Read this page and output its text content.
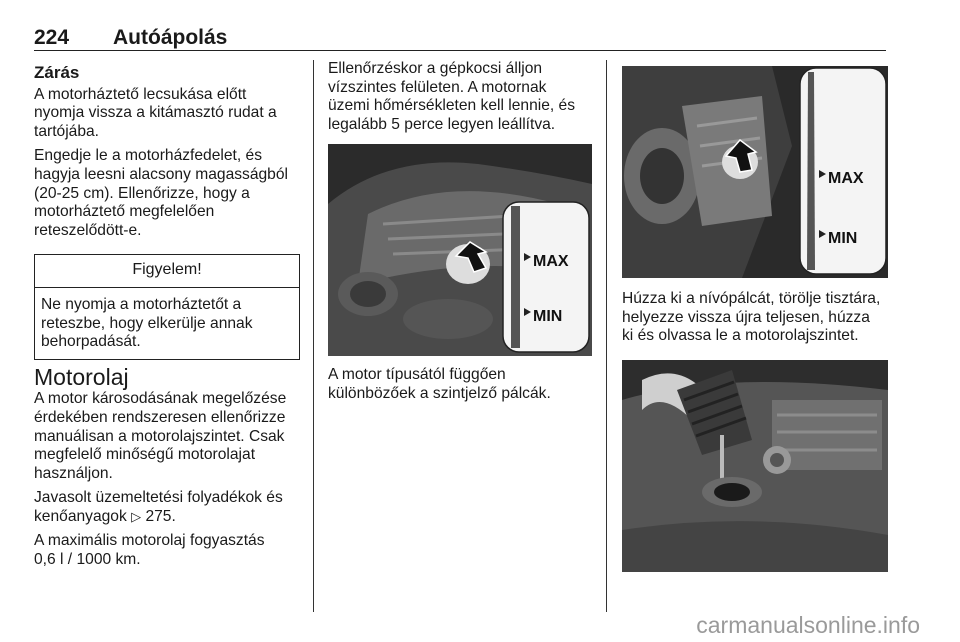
224 Autóápolás
Zárás

A motorháztető lecsukása előtt
nyomja vissza a kitámasztó rudat a
tartójába.

Engedje le a motorházfedelet, és
hagyja leesni alacsony magasságból
(20-25 cm). Ellenőrizze, hogy a
motorháztető megfelelően
reteszelődött-e.

Figyelem!
Ne nyomja a motorháztetőt a
reteszbe, hogy elkerülje annak
behorpadását.
Motorolaj

A motor károsodásának megelőzése
érdekében rendszeresen ellenőrizze
manuálisan a motorolajszintet. Csak
megfelelő minőségű motorolajat
használjon.

Javasolt üzemeltetési folyadékok és
kenőanyagok ▷ 275.

A maximális motorolaj fogyasztás
0,6 l / 1000 km.

Ellenőrzéskor a gépkocsi álljon
vízszintes felületen. A motornak
üzemi hőmérsékleten kell lennie, és
legalább 5 perce legyen leállítva.

MAX
MIN

A motor típusától függően
különbözőek a szintjelző pálcák.

MAX
MIN

Húzza ki a nívópálcát, törölje tisztára,
helyezze vissza újra teljesen, húzza
ki és olvassa le a motorolajszintet.

carmanualsonline.info
